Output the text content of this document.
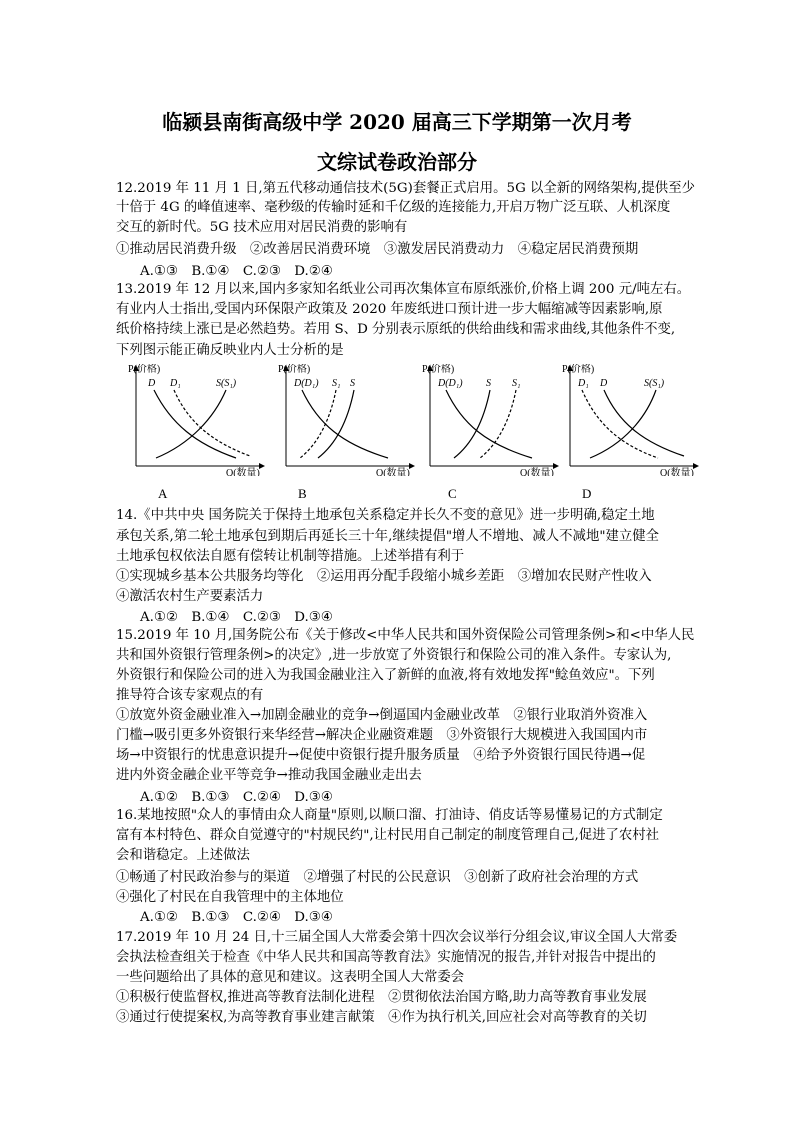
临颍县南街高级中学 2020 届高三下学期第一次月考
文综试卷政治部分
12.2019 年 11 月 1 日,第五代移动通信技术(5G)套餐正式启用。5G 以全新的网络架构,提供至少
十倍于 4G 的峰值速率、毫秒级的传输时延和千亿级的连接能力,开启万物广泛互联、人机深度
交互的新时代。5G 技术应用对居民消费的影响有
①推动居民消费升级　②改善居民消费环境　③激发居民消费动力　④稳定居民消费预期
A.①③　B.①④　C.②③　D.②④
13.2019 年 12 月以来,国内多家知名纸业公司再次集体宣布原纸涨价,价格上调 200 元/吨左右。
有业内人士指出,受国内环保限产政策及 2020 年废纸进口预计进一步大幅缩减等因素影响,原
纸价格持续上涨已是必然趋势。若用 S、D 分别表示原纸的供给曲线和需求曲线,其他条件不变,
下列图示能正确反映业内人士分析的是
14.《中共中央 国务院关于保持土地承包关系稳定并长久不变的意见》进一步明确,稳定土地
承包关系,第二轮土地承包到期后再延长三十年,继续提倡"增人不增地、减人不减地"建立健全
土地承包权依法自愿有偿转让机制等措施。上述举措有利于
①实现城乡基本公共服务均等化　②运用再分配手段缩小城乡差距　③增加农民财产性收入
④激活农村生产要素活力
A.①②　B.①④　C.②③　D.③④
15.2019 年 10 月,国务院公布《关于修改<中华人民共和国外资保险公司管理条例>和<中华人民
共和国外资银行管理条例>的决定》,进一步放宽了外资银行和保险公司的准入条件。专家认为,
外资银行和保险公司的进入为我国金融业注入了新鲜的血液,将有效地发挥"鲶鱼效应"。下列
推导符合该专家观点的有
①放宽外资金融业准入→加剧金融业的竞争→倒逼国内金融业改革　②银行业取消外资准入
门槛→吸引更多外资银行来华经营→解决企业融资难题　③外资银行大规模进入我国国内市
场→中资银行的忧患意识提升→促使中资银行提升服务质量　④给予外资银行国民待遇→促
进内外资金融企业平等竞争→推动我国金融业走出去
A.①②　B.①③　C.②④　D.③④
16.某地按照"众人的事情由众人商量"原则,以顺口溜、打油诗、俏皮话等易懂易记的方式制定
富有本村特色、群众自觉遵守的"村规民约",让村民用自己制定的制度管理自己,促进了农村社
会和谐稳定。上述做法
①畅通了村民政治参与的渠道　②增强了村民的公民意识　③创新了政府社会治理的方式
④强化了村民在自我管理中的主体地位
A.①②　B.①③　C.②④　D.③④
17.2019 年 10 月 24 日,十三届全国人大常委会第十四次会议举行分组会议,审议全国人大常委
会执法检查组关于检查《中华人民共和国高等教育法》实施情况的报告,并针对报告中提出的
一些问题给出了具体的意见和建议。这表明全国人大常委会
①积极行使监督权,推进高等教育法制化进程　②贯彻依法治国方略,助力高等教育事业发展
③通过行使提案权,为高等教育事业建言献策　④作为执行机关,回应社会对高等教育的关切
P(价格)
Q(数量)
D D₁	S(S₁)
A
P(价格)
Q(数量)
D(D₁) S₁ S
B
P(价格)
Q(数量)
D(D₁) S S₁
C
P(价格)
Q(数量)
D₁ D	S(S₁)
D
